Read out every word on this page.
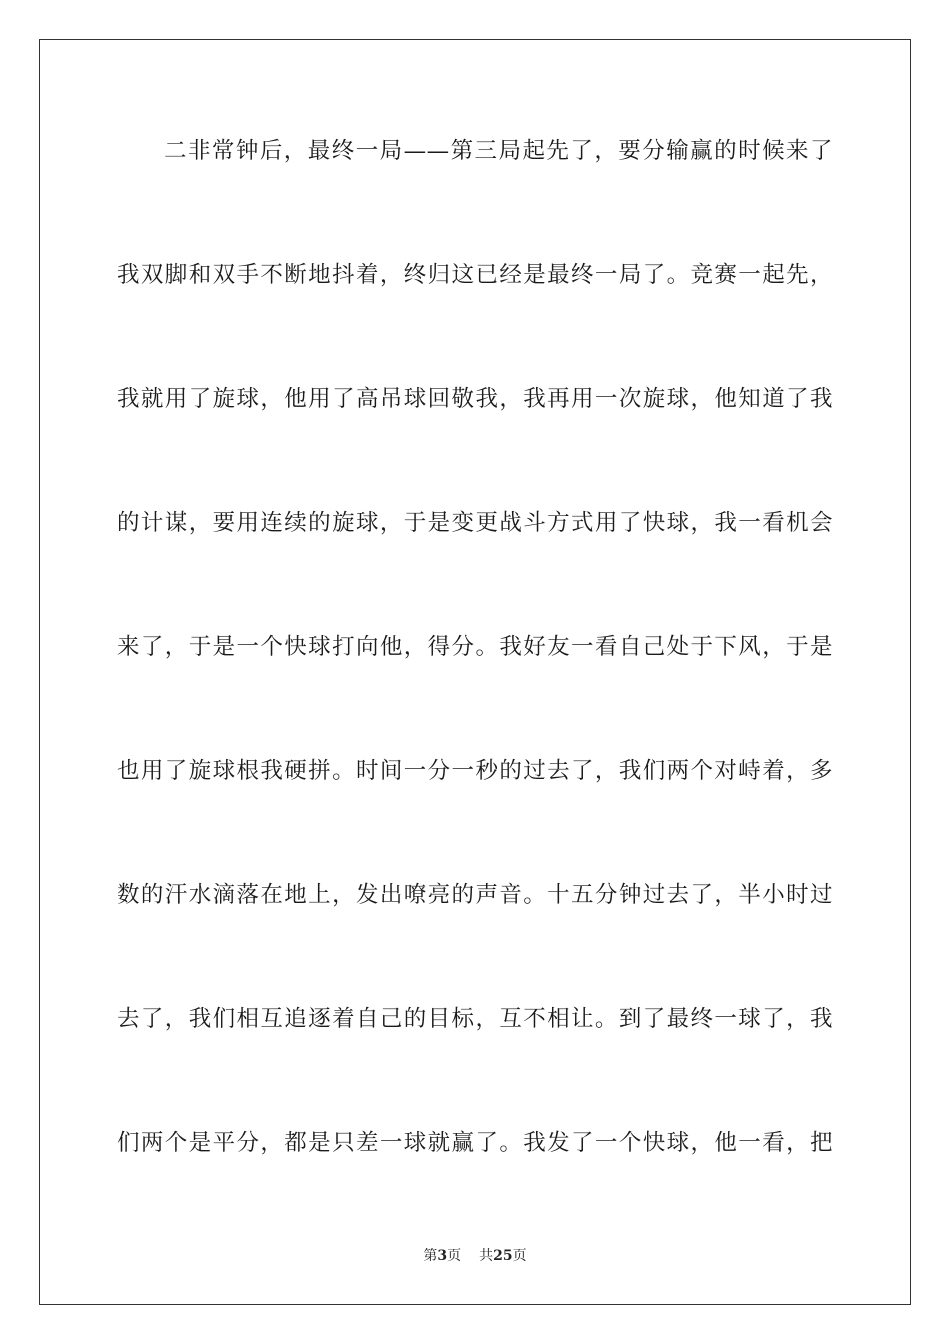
二非常钟后，最终一局——第三局起先了，要分输赢的时候来了
我双脚和双手不断地抖着，终归这已经是最终一局了。竞赛一起先，
我就用了旋球，他用了高吊球回敬我，我再用一次旋球，他知道了我
的计谋，要用连续的旋球，于是变更战斗方式用了快球，我一看机会
来了，于是一个快球打向他，得分。我好友一看自己处于下风，于是
也用了旋球根我硬拼。时间一分一秒的过去了，我们两个对峙着，多
数的汗水滴落在地上，发出嘹亮的声音。十五分钟过去了，半小时过
去了，我们相互追逐着自己的目标，互不相让。到了最终一球了，我
们两个是平分，都是只差一球就赢了。我发了一个快球，他一看，把
第3页 共25页
